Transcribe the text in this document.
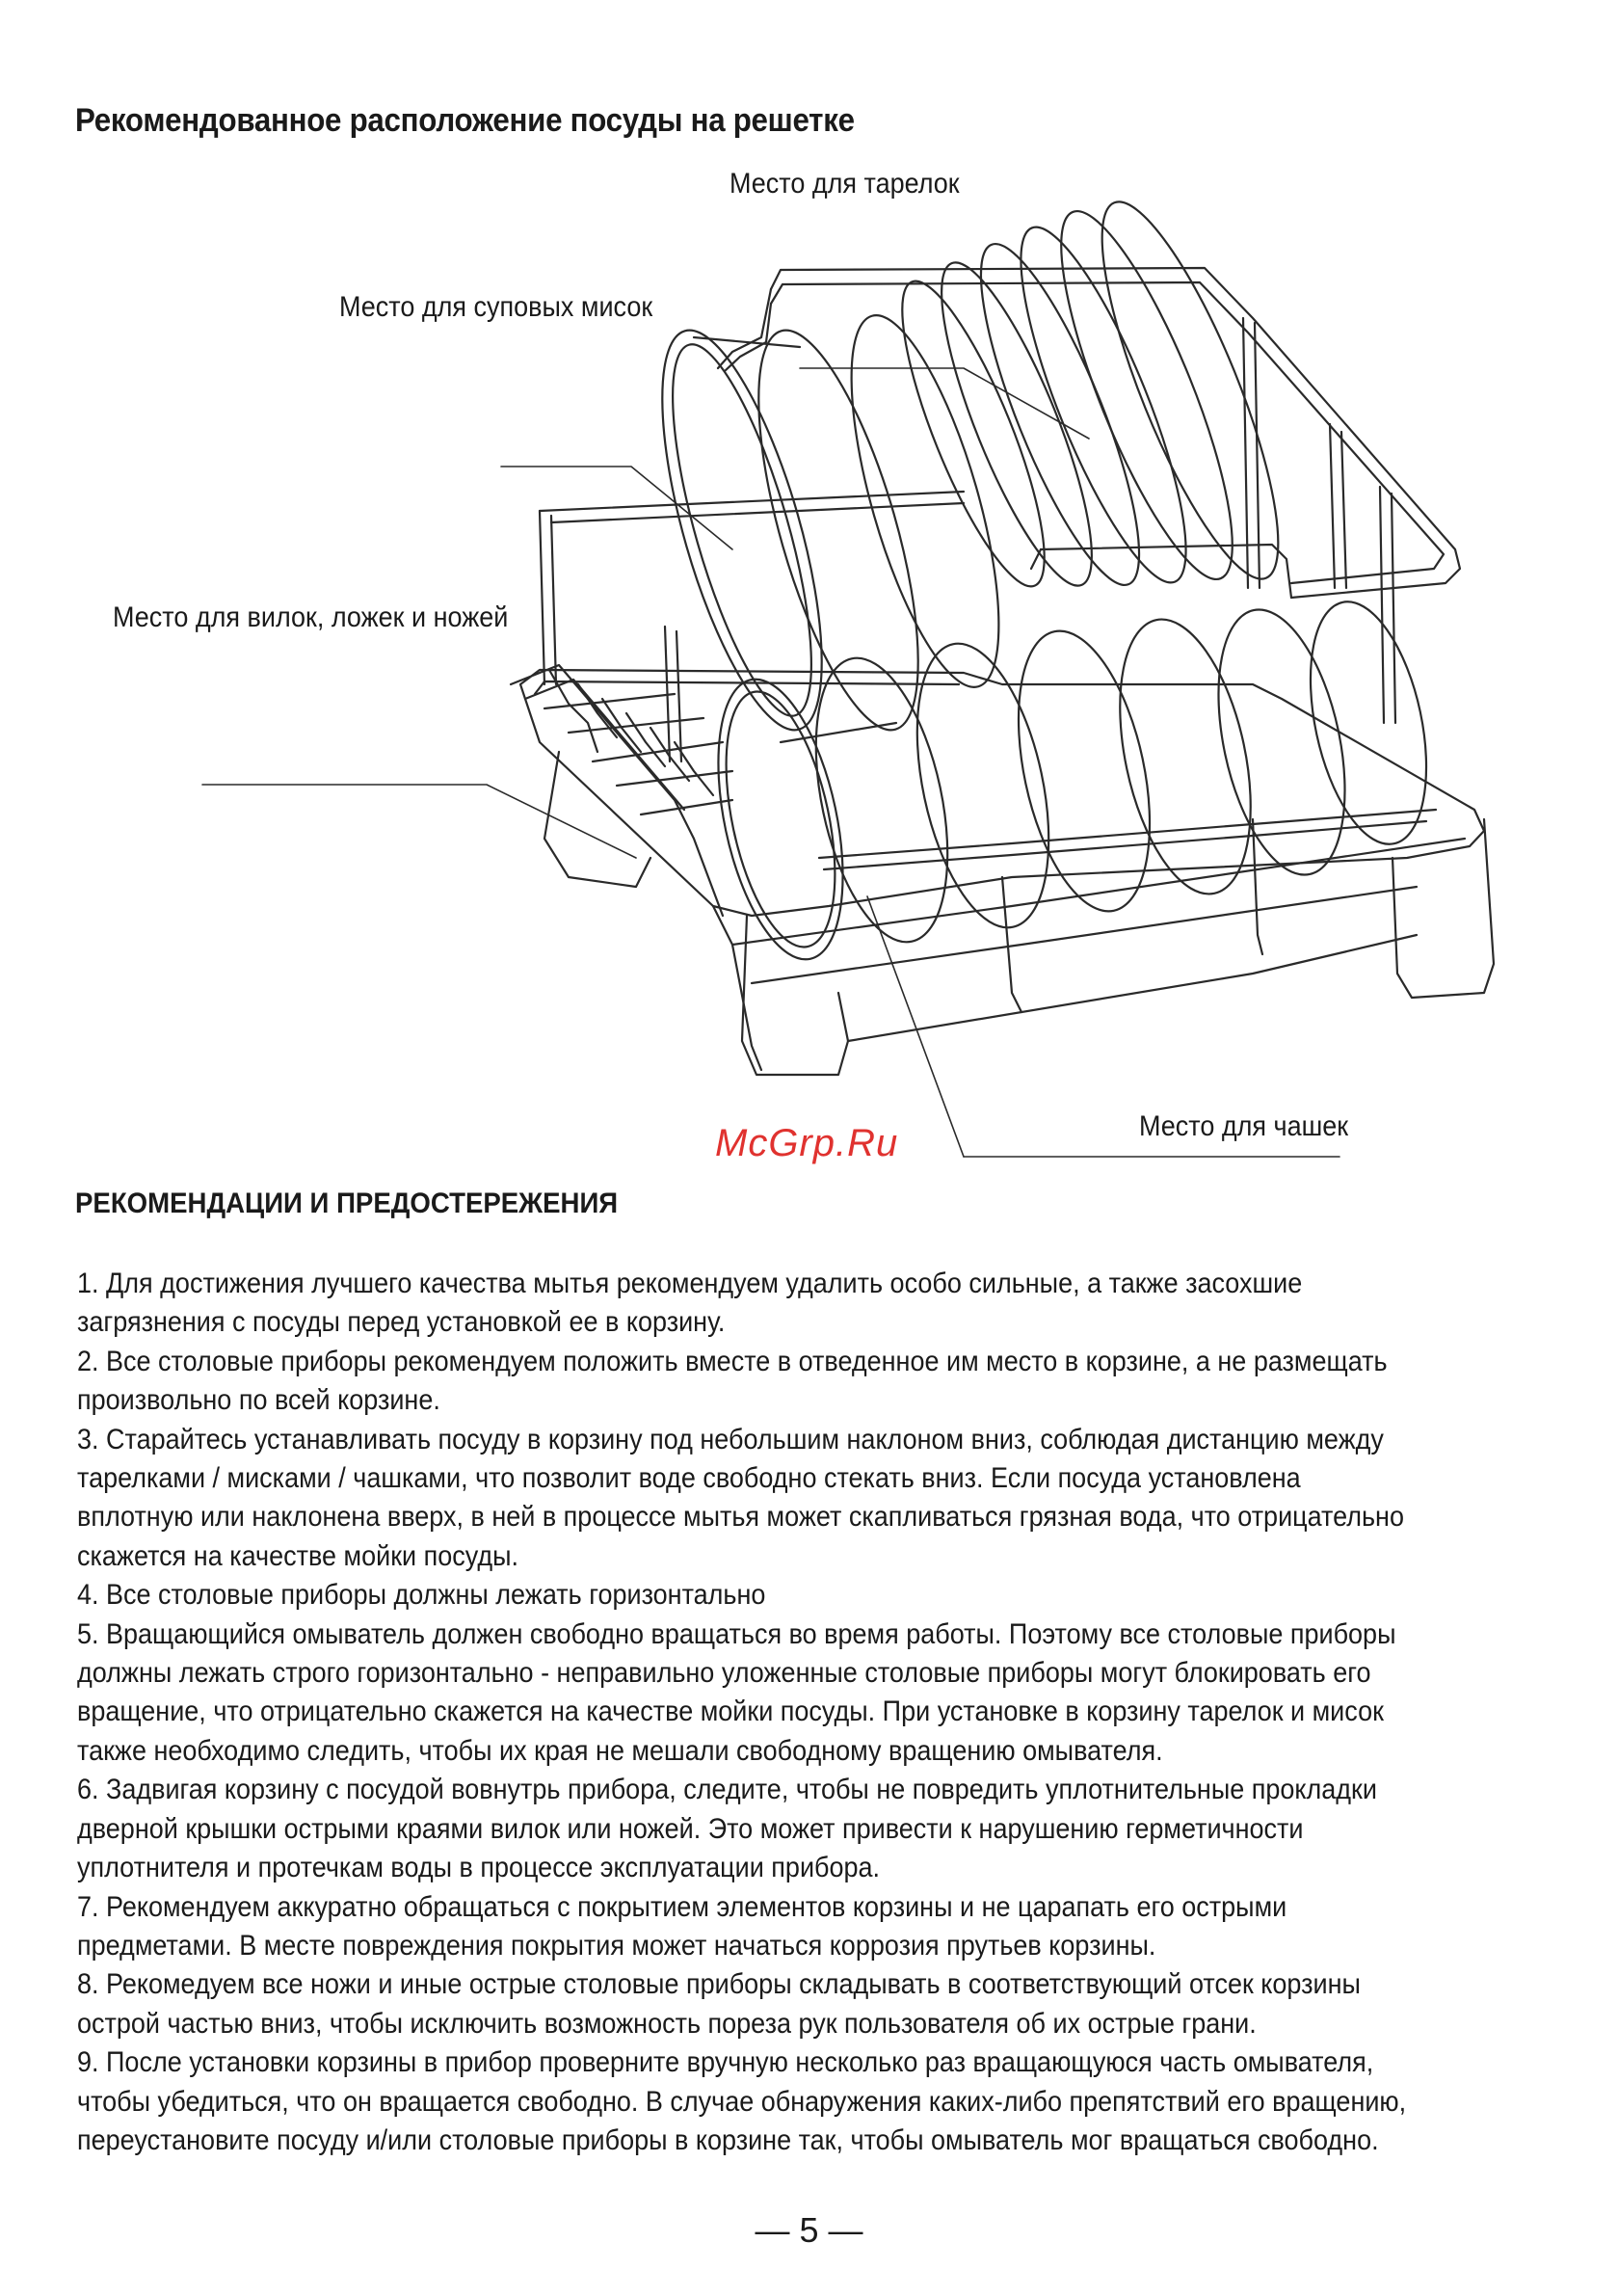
Рекомендованное расположение посуды на решетке
Место для тарелок
Место для суповых мисок
Место для вилок, ложек и ножей
Место для чашек
McGrp.Ru
РЕКОМЕНДАЦИИ И ПРЕДОСТЕРЕЖЕНИЯ
1. Для достижения лучшего качества мытья рекомендуем удалить особо сильные, а также засохшие
загрязнения с посуды перед установкой ее в корзину.
2. Все столовые приборы рекомендуем положить вместе в отведенное им место в корзине, а не размещать
произвольно по всей корзине.
3. Старайтесь устанавливать посуду в корзину под небольшим наклоном вниз, соблюдая дистанцию между
тарелками / мисками / чашками, что позволит воде свободно стекать вниз. Если посуда установлена
вплотную или наклонена вверх, в ней в процессе мытья может скапливаться грязная вода, что отрицательно
скажется на качестве мойки посуды.
4. Все столовые приборы должны лежать горизонтально
5. Вращающийся омыватель должен свободно вращаться во время работы. Поэтому все столовые приборы
должны лежать строго горизонтально - неправильно уложенные столовые приборы могут блокировать его
вращение, что отрицательно скажется на качестве мойки посуды. При установке в корзину тарелок и мисок
также необходимо следить, чтобы их края не мешали свободному вращению омывателя.
6. Задвигая корзину с посудой вовнутрь прибора, следите, чтобы не повредить уплотнительные прокладки
дверной крышки острыми краями вилок или ножей. Это может привести к нарушению герметичности
уплотнителя и протечкам воды в процессе эксплуатации прибора.
7. Рекомендуем аккуратно обращаться с покрытием элементов корзины и не царапать его острыми
предметами. В месте повреждения покрытия может начаться коррозия прутьев корзины.
8. Рекомедуем все ножи и иные острые столовые приборы складывать в соответствующий отсек корзины
острой частью вниз, чтобы исключить возможность пореза рук пользователя об их острые грани.
9. После установки корзины в прибор проверните вручную несколько раз вращающуюся часть омывателя,
чтобы убедиться, что он вращается свободно. В случае обнаружения каких-либо препятствий его вращению,
переустановите посуду и/или столовые приборы в корзине так, чтобы омыватель мог вращаться свободно.
— 5 —
